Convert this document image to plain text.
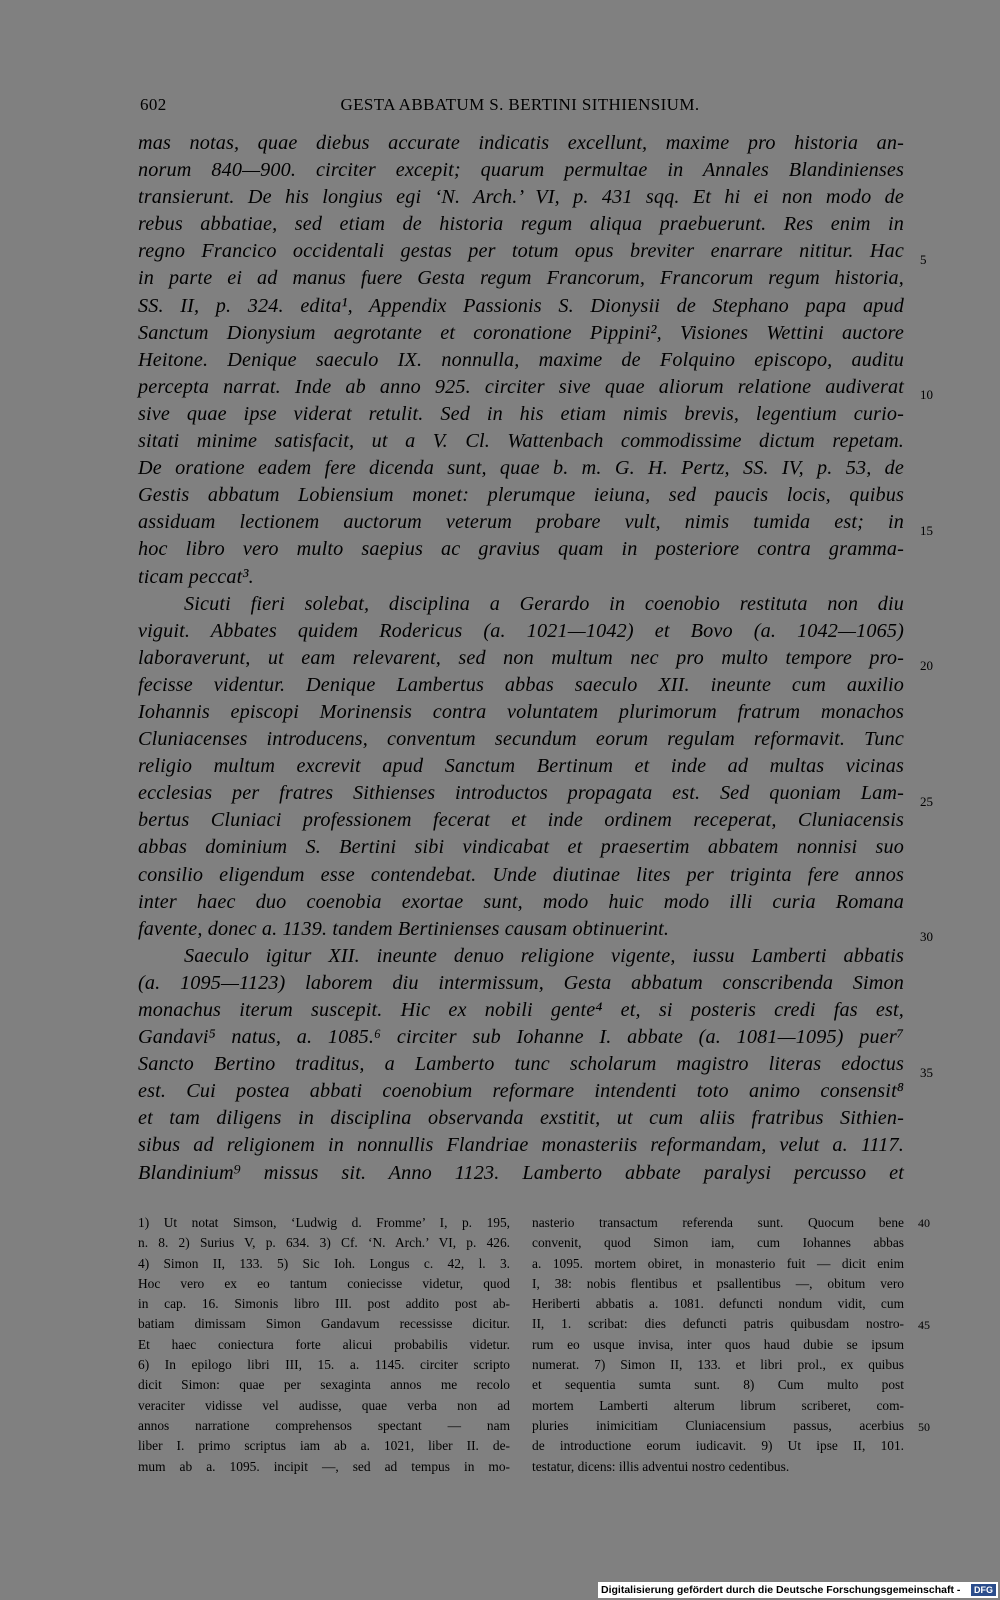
602	GESTA ABBATUM S. BERTINI SITHIENSIUM.
mas notas, quae diebus accurate indicatis excellunt, maxime pro historia an-
norum 840—900. circiter excepit; quarum permultae in Annales Blandinienses
transierunt. De his longius egi ‘N. Arch.’ VI, p. 431 sqq. Et hi ei non modo de
rebus abbatiae, sed etiam de historia regum aliqua praebuerunt. Res enim in
regno Francico occidentali gestas per totum opus breviter enarrare nititur. Hac
in parte ei ad manus fuere Gesta regum Francorum, Francorum regum historia,
SS. II, p. 324. edita¹, Appendix Passionis S. Dionysii de Stephano papa apud
Sanctum Dionysium aegrotante et coronatione Pippini², Visiones Wettini auctore
Heitone. Denique saeculo IX. nonnulla, maxime de Folquino episcopo, auditu
percepta narrat. Inde ab anno 925. circiter sive quae aliorum relatione audiverat
sive quae ipse viderat retulit. Sed in his etiam nimis brevis, legentium curio-
sitati minime satisfacit, ut a V. Cl. Wattenbach commodissime dictum repetam.
De oratione eadem fere dicenda sunt, quae b. m. G. H. Pertz, SS. IV, p. 53, de
Gestis abbatum Lobiensium monet: plerumque ieiuna, sed paucis locis, quibus
assiduam lectionem auctorum veterum probare vult, nimis tumida est; in
hoc libro vero multo saepius ac gravius quam in posteriore contra gramma-
ticam peccat³.
Sicuti fieri solebat, disciplina a Gerardo in coenobio restituta non diu
viguit. Abbates quidem Rodericus (a. 1021—1042) et Bovo (a. 1042—1065)
laboraverunt, ut eam relevarent, sed non multum nec pro multo tempore pro-
fecisse videntur. Denique Lambertus abbas saeculo XII. ineunte cum auxilio
Iohannis episcopi Morinensis contra voluntatem plurimorum fratrum monachos
Cluniacenses introducens, conventum secundum eorum regulam reformavit. Tunc
religio multum excrevit apud Sanctum Bertinum et inde ad multas vicinas
ecclesias per fratres Sithienses introductos propagata est. Sed quoniam Lam-
bertus Cluniaci professionem fecerat et inde ordinem receperat, Cluniacensis
abbas dominium S. Bertini sibi vindicabat et praesertim abbatem nonnisi suo
consilio eligendum esse contendebat. Unde diutinae lites per triginta fere annos
inter haec duo coenobia exortae sunt, modo huic modo illi curia Romana
favente, donec a. 1139. tandem Bertinienses causam obtinuerint.
Saeculo igitur XII. ineunte denuo religione vigente, iussu Lamberti abbatis
(a. 1095—1123) laborem diu intermissum, Gesta abbatum conscribenda Simon
monachus iterum suscepit. Hic ex nobili gente⁴ et, si posteris credi fas est,
Gandavi⁵ natus, a. 1085.⁶ circiter sub Iohanne I. abbate (a. 1081—1095) puer⁷
Sancto Bertino traditus, a Lamberto tunc scholarum magistro literas edoctus
est. Cui postea abbati coenobium reformare intendenti toto animo consensit⁸
et tam diligens in disciplina observanda exstitit, ut cum aliis fratribus Sithien-
sibus ad religionem in nonnullis Flandriae monasteriis reformandam, velut a. 1117.
Blandinium⁹ missus sit. Anno 1123. Lamberto abbate paralysi percusso et
5
10
15
20
25
30
35
1) Ut notat Simson, ‘Ludwig d. Fromme’ I, p. 195,
n. 8. 2) Surius V, p. 634. 3) Cf. ‘N. Arch.’ VI, p. 426.
4) Simon II, 133. 5) Sic Ioh. Longus c. 42, l. 3.
Hoc vero ex eo tantum coniecisse videtur, quod
in cap. 16. Simonis libro III. post addito post ab-
batiam dimissam Simon Gandavum recessisse dicitur.
Et haec coniectura forte alicui probabilis videtur.
6) In epilogo libri III, 15. a. 1145. circiter scripto
dicit Simon: quae per sexaginta annos me recolo
veraciter vidisse vel audisse, quae verba non ad
annos narratione comprehensos spectant — nam
liber I. primo scriptus iam ab a. 1021, liber II. de-
mum ab a. 1095. incipit —, sed ad tempus in mo-
nasterio transactum referenda sunt. Quocum bene
convenit, quod Simon iam, cum Iohannes abbas
a. 1095. mortem obiret, in monasterio fuit — dicit enim
I, 38: nobis flentibus et psallentibus —, obitum vero
Heriberti abbatis a. 1081. defuncti nondum vidit, cum
II, 1. scribat: dies defuncti patris quibusdam nostro-
rum eo usque invisa, inter quos haud dubie se ipsum
numerat. 7) Simon II, 133. et libri prol., ex quibus
et sequentia sumta sunt. 8) Cum multo post
mortem Lamberti alterum librum scriberet, com-
pluries inimicitiam Cluniacensium passus, acerbius
de introductione eorum iudicavit. 9) Ut ipse II, 101.
testatur, dicens: illis adventui nostro cedentibus.
40
45
50
Digitalisierung gefördert durch die Deutsche Forschungsgemeinschaft -	DFG
